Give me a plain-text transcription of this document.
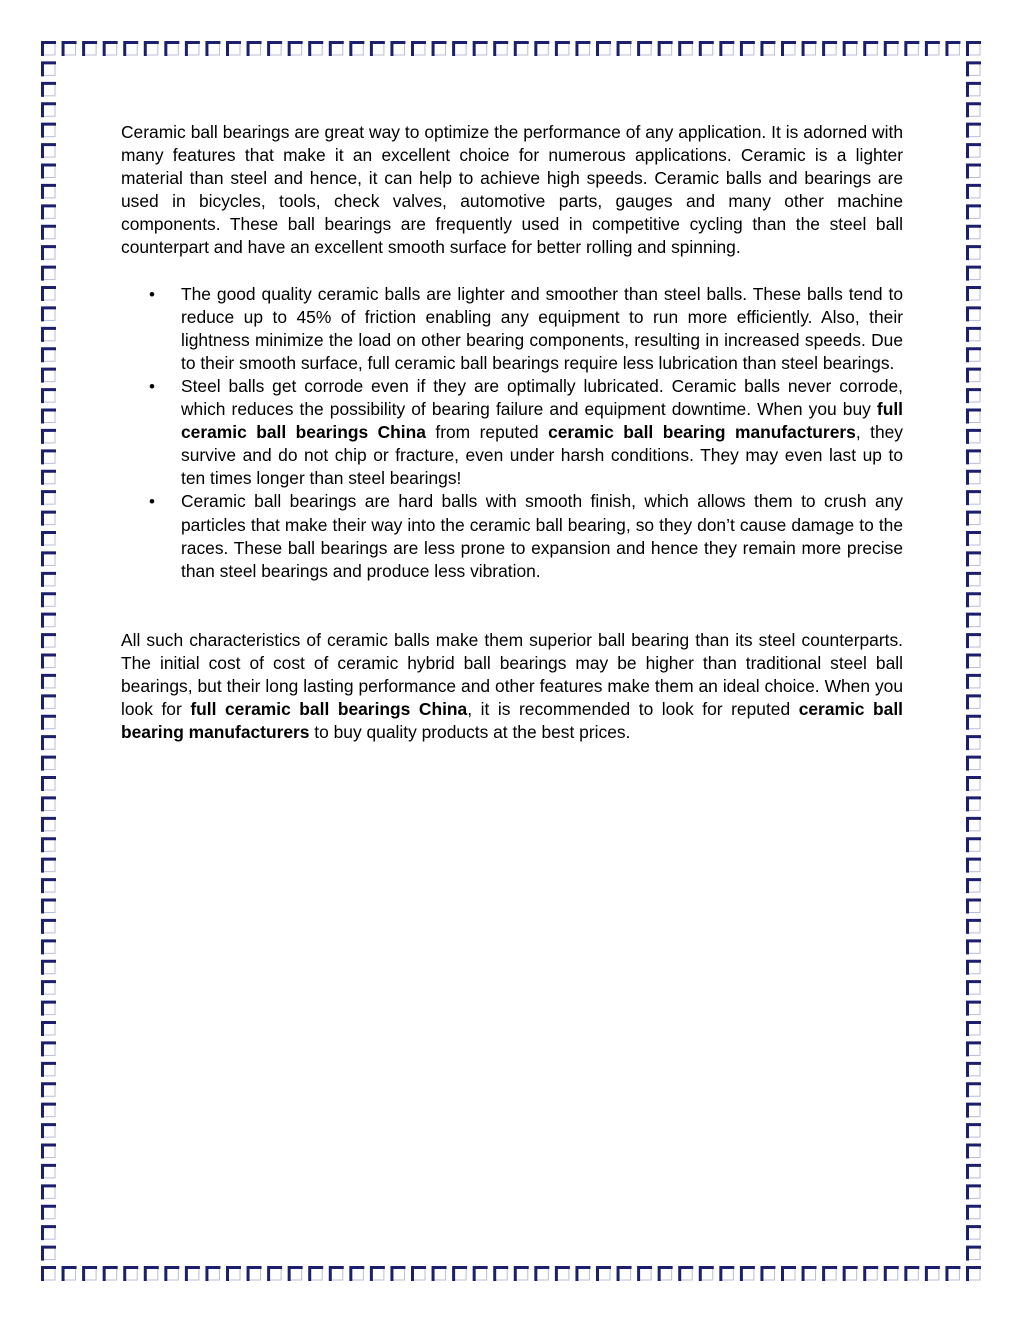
Ceramic ball bearings are great way to optimize the performance of any application. It is adorned with many features that make it an excellent choice for numerous applications. Ceramic is a lighter material than steel and hence, it can help to achieve high speeds. Ceramic balls and bearings are used in bicycles, tools, check valves, automotive parts, gauges and many other machine components. These ball bearings are frequently used in competitive cycling than the steel ball counterpart and have an excellent smooth surface for better rolling and spinning.

• The good quality ceramic balls are lighter and smoother than steel balls. These balls tend to reduce up to 45% of friction enabling any equipment to run more efficiently. Also, their lightness minimize the load on other bearing components, resulting in increased speeds. Due to their smooth surface, full ceramic ball bearings require less lubrication than steel bearings.
• Steel balls get corrode even if they are optimally lubricated. Ceramic balls never corrode, which reduces the possibility of bearing failure and equipment downtime. When you buy full ceramic ball bearings China from reputed ceramic ball bearing manufacturers, they survive and do not chip or fracture, even under harsh conditions. They may even last up to ten times longer than steel bearings!
• Ceramic ball bearings are hard balls with smooth finish, which allows them to crush any particles that make their way into the ceramic ball bearing, so they don’t cause damage to the races. These ball bearings are less prone to expansion and hence they remain more precise than steel bearings and produce less vibration.

All such characteristics of ceramic balls make them superior ball bearing than its steel counterparts. The initial cost of cost of ceramic hybrid ball bearings may be higher than traditional steel ball bearings, but their long lasting performance and other features make them an ideal choice. When you look for full ceramic ball bearings China, it is recommended to look for reputed ceramic ball bearing manufacturers to buy quality products at the best prices.
